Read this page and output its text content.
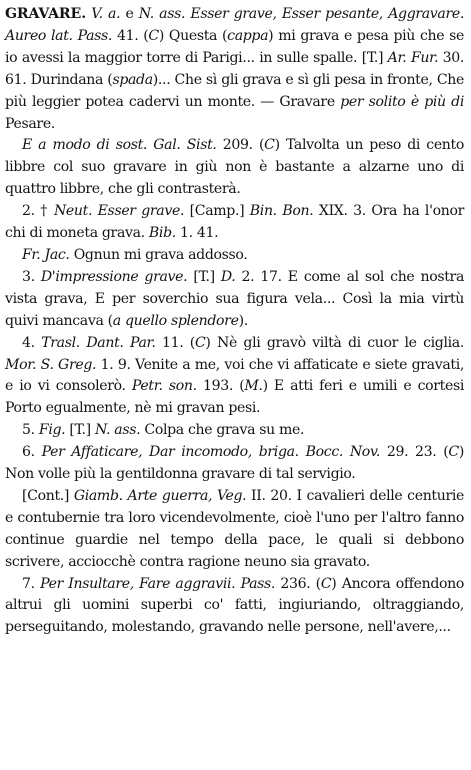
GRAVARE. V. a. e N. ass. Esser grave, Esser pesante, Aggravare. Aureo lat. Pass. 41. (C) Questa (cappa) mi grava e pesa più che se io avessi la maggior torre di Parigi... in sulle spalle. [T.] Ar. Fur. 30. 61. Durindana (spada)... Che sì gli grava e sì gli pesa in fronte, Che più leggier potea cadervi un monte. — Gravare per solito è più di Pesare.

E a modo di sost. Gal. Sist. 209. (C) Talvolta un peso di cento libbre col suo gravare in giù non è bastante a alzarne uno di quattro libbre, che gli contrasterà.

2. † Neut. Esser grave. [Camp.] Bin. Bon. XIX. 3. Ora ha l'onor chi di moneta grava. Bib. 1. 41.

Fr. Jac. Ognun mi grava addosso.

3. D'impressione grave. [T.] D. 2. 17. E come al sol che nostra vista grava, E per soverchio sua figura vela... Così la mia virtù quivi mancava (a quello splendore).

4. Trasl. Dant. Par. 11. (C) Nè gli gravò viltà di cuor le ciglia. Mor. S. Greg. 1. 9. Venite a me, voi che vi affaticate e siete gravati, e io vi consolerò. Petr. son. 193. (M.) E atti feri e umili e cortesi Porto egualmente, nè mi gravan pesi.

5. Fig. [T.] N. ass. Colpa che grava su me.

6. Per Affaticare, Dar incomodo, briga. Bocc. Nov. 29. 23. (C) Non volle più la gentildonna gravare di tal servigio.

[Cont.] Giamb. Arte guerra, Veg. II. 20. I cavalieri delle centurie e contubernie tra loro vicendevolmente, cioè l'uno per l'altro fanno continue guardie nel tempo della pace, le quali si debbono scrivere, acciocchè contra ragione neuno sia gravato.

7. Per Insultare, Fare aggravii. Pass. 236. (C) Ancora offendono altrui gli uomini superbi co' fatti, ingiuriando, oltraggiando, perseguitando, molestando, gravando nelle persone, nell'avere,...
